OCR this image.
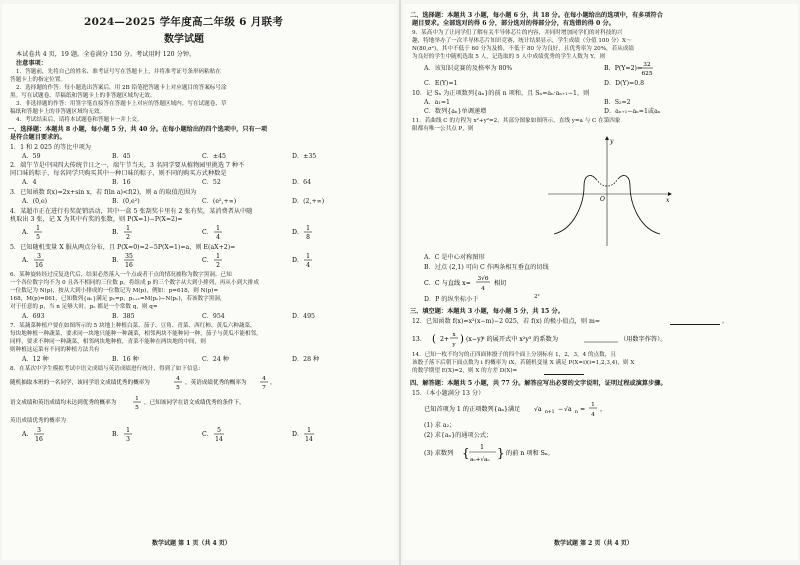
2024—2025 学年度高二年级 6 月联考
数学试题
本试卷共 4 页，19 题。全卷满分 150 分。考试用时 120 分钟。
注意事项：
1．答题前，先将自己的姓名、准考证号写在答题卡上，并将准考证号条形码粘贴在
答题卡上的指定位置。
2．选择题的作答：每小题选出答案后，用 2B 铅笔把答题卡上对应题目的答案标号涂
黑。写在试题卷、草稿纸和答题卡上的非答题区域均无效。
3．非选择题的作答：用签字笔直接答在答题卡上对应的答题区域内。写在试题卷、草
稿纸和答题卡上的非答题区域均无效。
4．考试结束后，请将本试题卷和答题卡一并上交。
一、选择题：本题共 8 小题，每小题 5 分，共 40 分。在每小题给出的四个选项中，只有一项
是符合题目要求的。
1．1 和 2 025 的等比中项为
A．59	B．45	C．±45	D．±35
2．端午节是中国四大传统节日之一，端午节当天，3 名同学要从植物园里挑选 7 种不
同口味的粽子，每名同学只购买其中一种口味的粽子，则不同的购买方式种数是
A．4	B．16	C．52	D．64
3．已知函数 f(x)=2x+sin x，若 f(ln a)<f(2)，则 a 的取值范围为
A．(0,e)	B．(0,e²)	C．(e²,+∞)	D．(2,+∞)
4．某超市正在进行有奖促销活动，其中一盒 5 张刮奖卡里有 2 张有奖，某消费者从中随
机取出 3 张，记 X 为其中有奖的张数，则 P(X=1)−P(X=2)=
A．
1
5
B．
1
2
C．
1
4
D．
1
8
5．已知随机变量 X 服从两点分布，且 P(X=0)=2−5P(X=1)=a，则 E(aX+2)=
A．
3
16
B．
35
16
C．
1
2
D．
1
4
6．某种旋转经过反复迭代后，结果必然落入一个点或者干点的情况被称为数字黑洞。已知
一个各位数字均不为 0 且各不相同的三位数 p，将组成 p 的三个数字从大到小排列，再从小到大排成
一位数记为 N(p)，按从大到小排成的一位数记为 M(p)，例如：p=618，则 N(p)=
168，M(p)=861，已知数列{aₙ}满足 p₁=p，pₙ₊₁=M(pₙ)−N(pₙ)，若该数字黑洞，
对于任意的 p，当 n 足够大时，pₙ 都是一个常数 q，则 q=
A．693	B．385	C．954	D．495
7．某蔬菜种植户要在如图所示的 5 块地上种植白菜、茄子、豆角、青菜、西红柿、黄瓜六种蔬菜，
每块地种植一种蔬菜，要求同一块地只能种一种蔬菜，相邻两块不能种同一种，茄子与黄瓜不能相邻，
同样，要求不种同一种蔬菜，相邻两块地种植，青菜不能种在两块地的中间，则
则种植这运菜有不同的种植方法共有
A．12 种	B．16 种	C．24 种	D．28 种
8．在某次中学生模拟考试中语文成绩与英语成绩进行统计，得到了如下信息：
随机抽取本班的一名同学，该同学语文成绩优秀的概率为
4
5
，英语成绩优秀的概率为
4
7
，
语文成绩和英语成绩均未达到优秀的概率为
1
5
，已知该同学在语文成绩优秀的条件下，
英语成绩优秀的概率为
A．
3
16
B．
1
3
C．
5
14
D．
1
14
数学试题 第 1 页（共 4 页）
二、选择题：本题共 3 小题，每小题 6 分，共 18 分。在每小题给出的选项中，有多项符合
题目要求。全部选对的得 6 分，部分选对的得部分分，有选错的得 0 分。
9．某高中为了让同学们了解有关半导体芯片的内容，并同时增加同学们的对科技的兴
趣，特地举办了一次半导体芯片知识竞赛，统计结果显示，学生成绩（分值 100 分）X～
N(80,σ²)，其中不低于 60 分为及格，不低于 80 分为良好，且优秀率为 20%，若从成绩
为良好的学生中随机选取 5 人，记选取的 5 人中成绩优秀的学生人数为 Y，则
A．该知识竞赛的及格率为 80%	B．P(Y=2)= 32
625
C．E(Y)=1	D．D(Y)=0.8
10．记 Sₙ 为正项数列{aₙ}的前 n 项和，且 Sₙ=aₙ·aₙ₊₁−1，则
A．a₁=1	B．S₂=2
C．数列{aₙ}单调递增	D．aₙ₊₁−aₙ=1或aₙ
11．若曲线 C 的方程为 x²+y²=2，其部分图象如图所示，直线 y=a 与 C 在第四象
限都有唯一公共点 P，则
y
O	x
A．C 是中心对称图形
B．过点 (2,1) 可向 C 作两条相互垂直的切线
C．C 与直线 x=
3√6
4
相切
D．P 的纵坐标小于	2²
三、填空题：本题共 3 小题，每小题 5 分，共 15 分。
12．已知函数 f(x)=x³(x−m)−2 025，若 f(x) 的极小值点，则 m=	。
13． ( 2+
x
y ) (x−y) ⁶ 的展开式中 x²y³ 的系数为	（用数字作答）。
14．已知一枚不均匀的正四面体骰子的四个面上分别标有 1，2，3，4 的点数，且
该骰子落下后朝下面点数为 i 的概率为 iX，若随机变量 X 满足 P(X=i)(i=1,2,3,4)，则 X
的数学期望 E(X)=2，则 X 的方差 D(X)=
四、解答题：本题共 5 小题，共 77 分。解答应写出必要的文字说明，证明过程或演算步骤。
15．（本小题满分 13 分）
已知首项为 1 的正项数列{aₙ}满足 √a n+1 − √a n =
1
4
，
(1) 求 a₂；
(2) 求{aₙ}的通项公式；
(3) 求数列 { 1
aₙ+√aₙ } 的前 n 项和 Sₙ。
数学试题 第 2 页（共 4 页）
